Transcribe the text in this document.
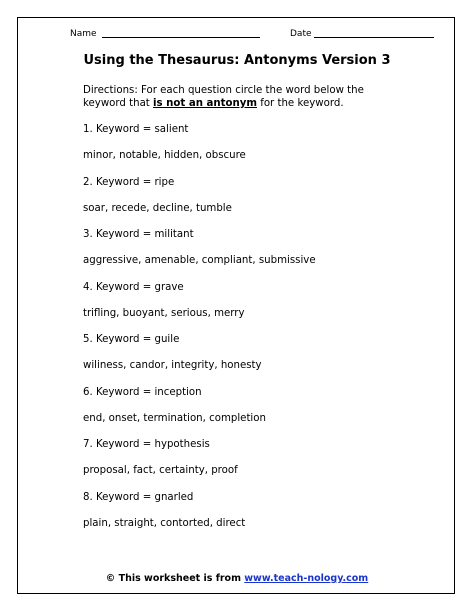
Name	Date
Using the Thesaurus: Antonyms Version 3
Directions: For each question circle the word below the
keyword that is not an antonym for the keyword.
1. Keyword = salient
minor, notable, hidden, obscure
2. Keyword = ripe
soar, recede, decline, tumble
3. Keyword = militant
aggressive, amenable, compliant, submissive
4. Keyword = grave
trifling, buoyant, serious, merry
5. Keyword = guile
wiliness, candor, integrity, honesty
6. Keyword = inception
end, onset, termination, completion
7. Keyword = hypothesis
proposal, fact, certainty, proof
8. Keyword = gnarled
plain, straight, contorted, direct
© This worksheet is from www.teach-nology.com
